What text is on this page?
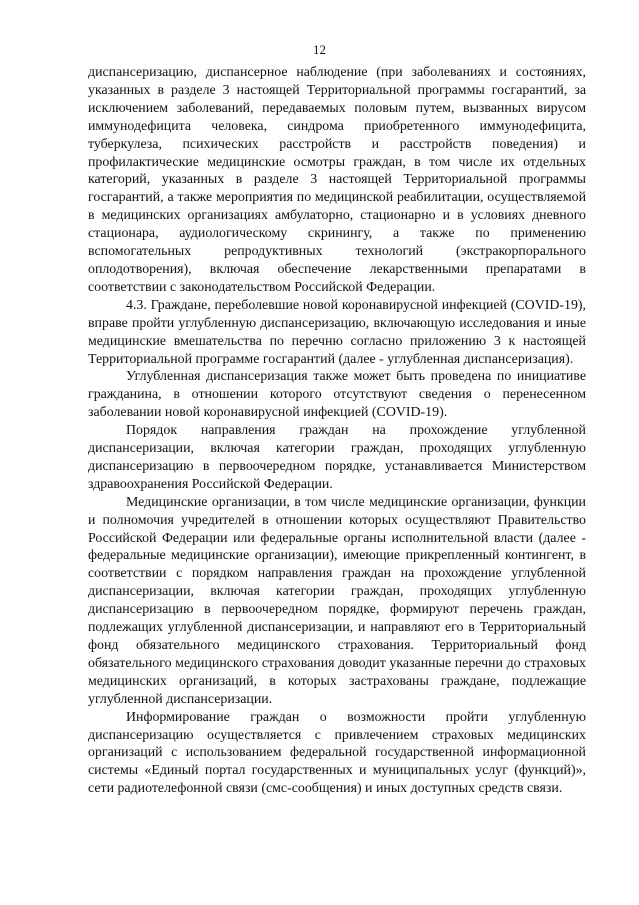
12

диспансеризацию, диспансерное наблюдение (при заболеваниях и состояниях, указанных в разделе 3 настоящей Территориальной программы госгарантий, за исключением заболеваний, передаваемых половым путем, вызванных вирусом иммунодефицита человека, синдрома приобретенного иммунодефицита, туберкулеза, психических расстройств и расстройств поведения) и профилактические медицинские осмотры граждан, в том числе их отдельных категорий, указанных в разделе 3 настоящей Территориальной программы госгарантий, а также мероприятия по медицинской реабилитации, осуществляемой в медицинских организациях амбулаторно, стационарно и в условиях дневного стационара, аудиологическому скринингу, а также по применению вспомогательных репродуктивных технологий (экстракорпорального оплодотворения), включая обеспечение лекарственными препаратами в соответствии с законодательством Российской Федерации.

4.3. Граждане, переболевшие новой коронавирусной инфекцией (COVID-19), вправе пройти углубленную диспансеризацию, включающую исследования и иные медицинские вмешательства по перечню согласно приложению 3 к настоящей Территориальной программе госгарантий (далее - углубленная диспансеризация).

Углубленная диспансеризация также может быть проведена по инициативе гражданина, в отношении которого отсутствуют сведения о перенесенном заболевании новой коронавирусной инфекцией (COVID-19).

Порядок направления граждан на прохождение углубленной диспансеризации, включая категории граждан, проходящих углубленную диспансеризацию в первоочередном порядке, устанавливается Министерством здравоохранения Российской Федерации.

Медицинские организации, в том числе медицинские организации, функции и полномочия учредителей в отношении которых осуществляют Правительство Российской Федерации или федеральные органы исполнительной власти (далее - федеральные медицинские организации), имеющие прикрепленный контингент, в соответствии с порядком направления граждан на прохождение углубленной диспансеризации, включая категории граждан, проходящих углубленную диспансеризацию в первоочередном порядке, формируют перечень граждан, подлежащих углубленной диспансеризации, и направляют его в Территориальный фонд обязательного медицинского страхования. Территориальный фонд обязательного медицинского страхования доводит указанные перечни до страховых медицинских организаций, в которых застрахованы граждане, подлежащие углубленной диспансеризации.

Информирование граждан о возможности пройти углубленную диспансеризацию осуществляется с привлечением страховых медицинских организаций с использованием федеральной государственной информационной системы «Единый портал государственных и муниципальных услуг (функций)», сети радиотелефонной связи (смс-сообщения) и иных доступных средств связи.
